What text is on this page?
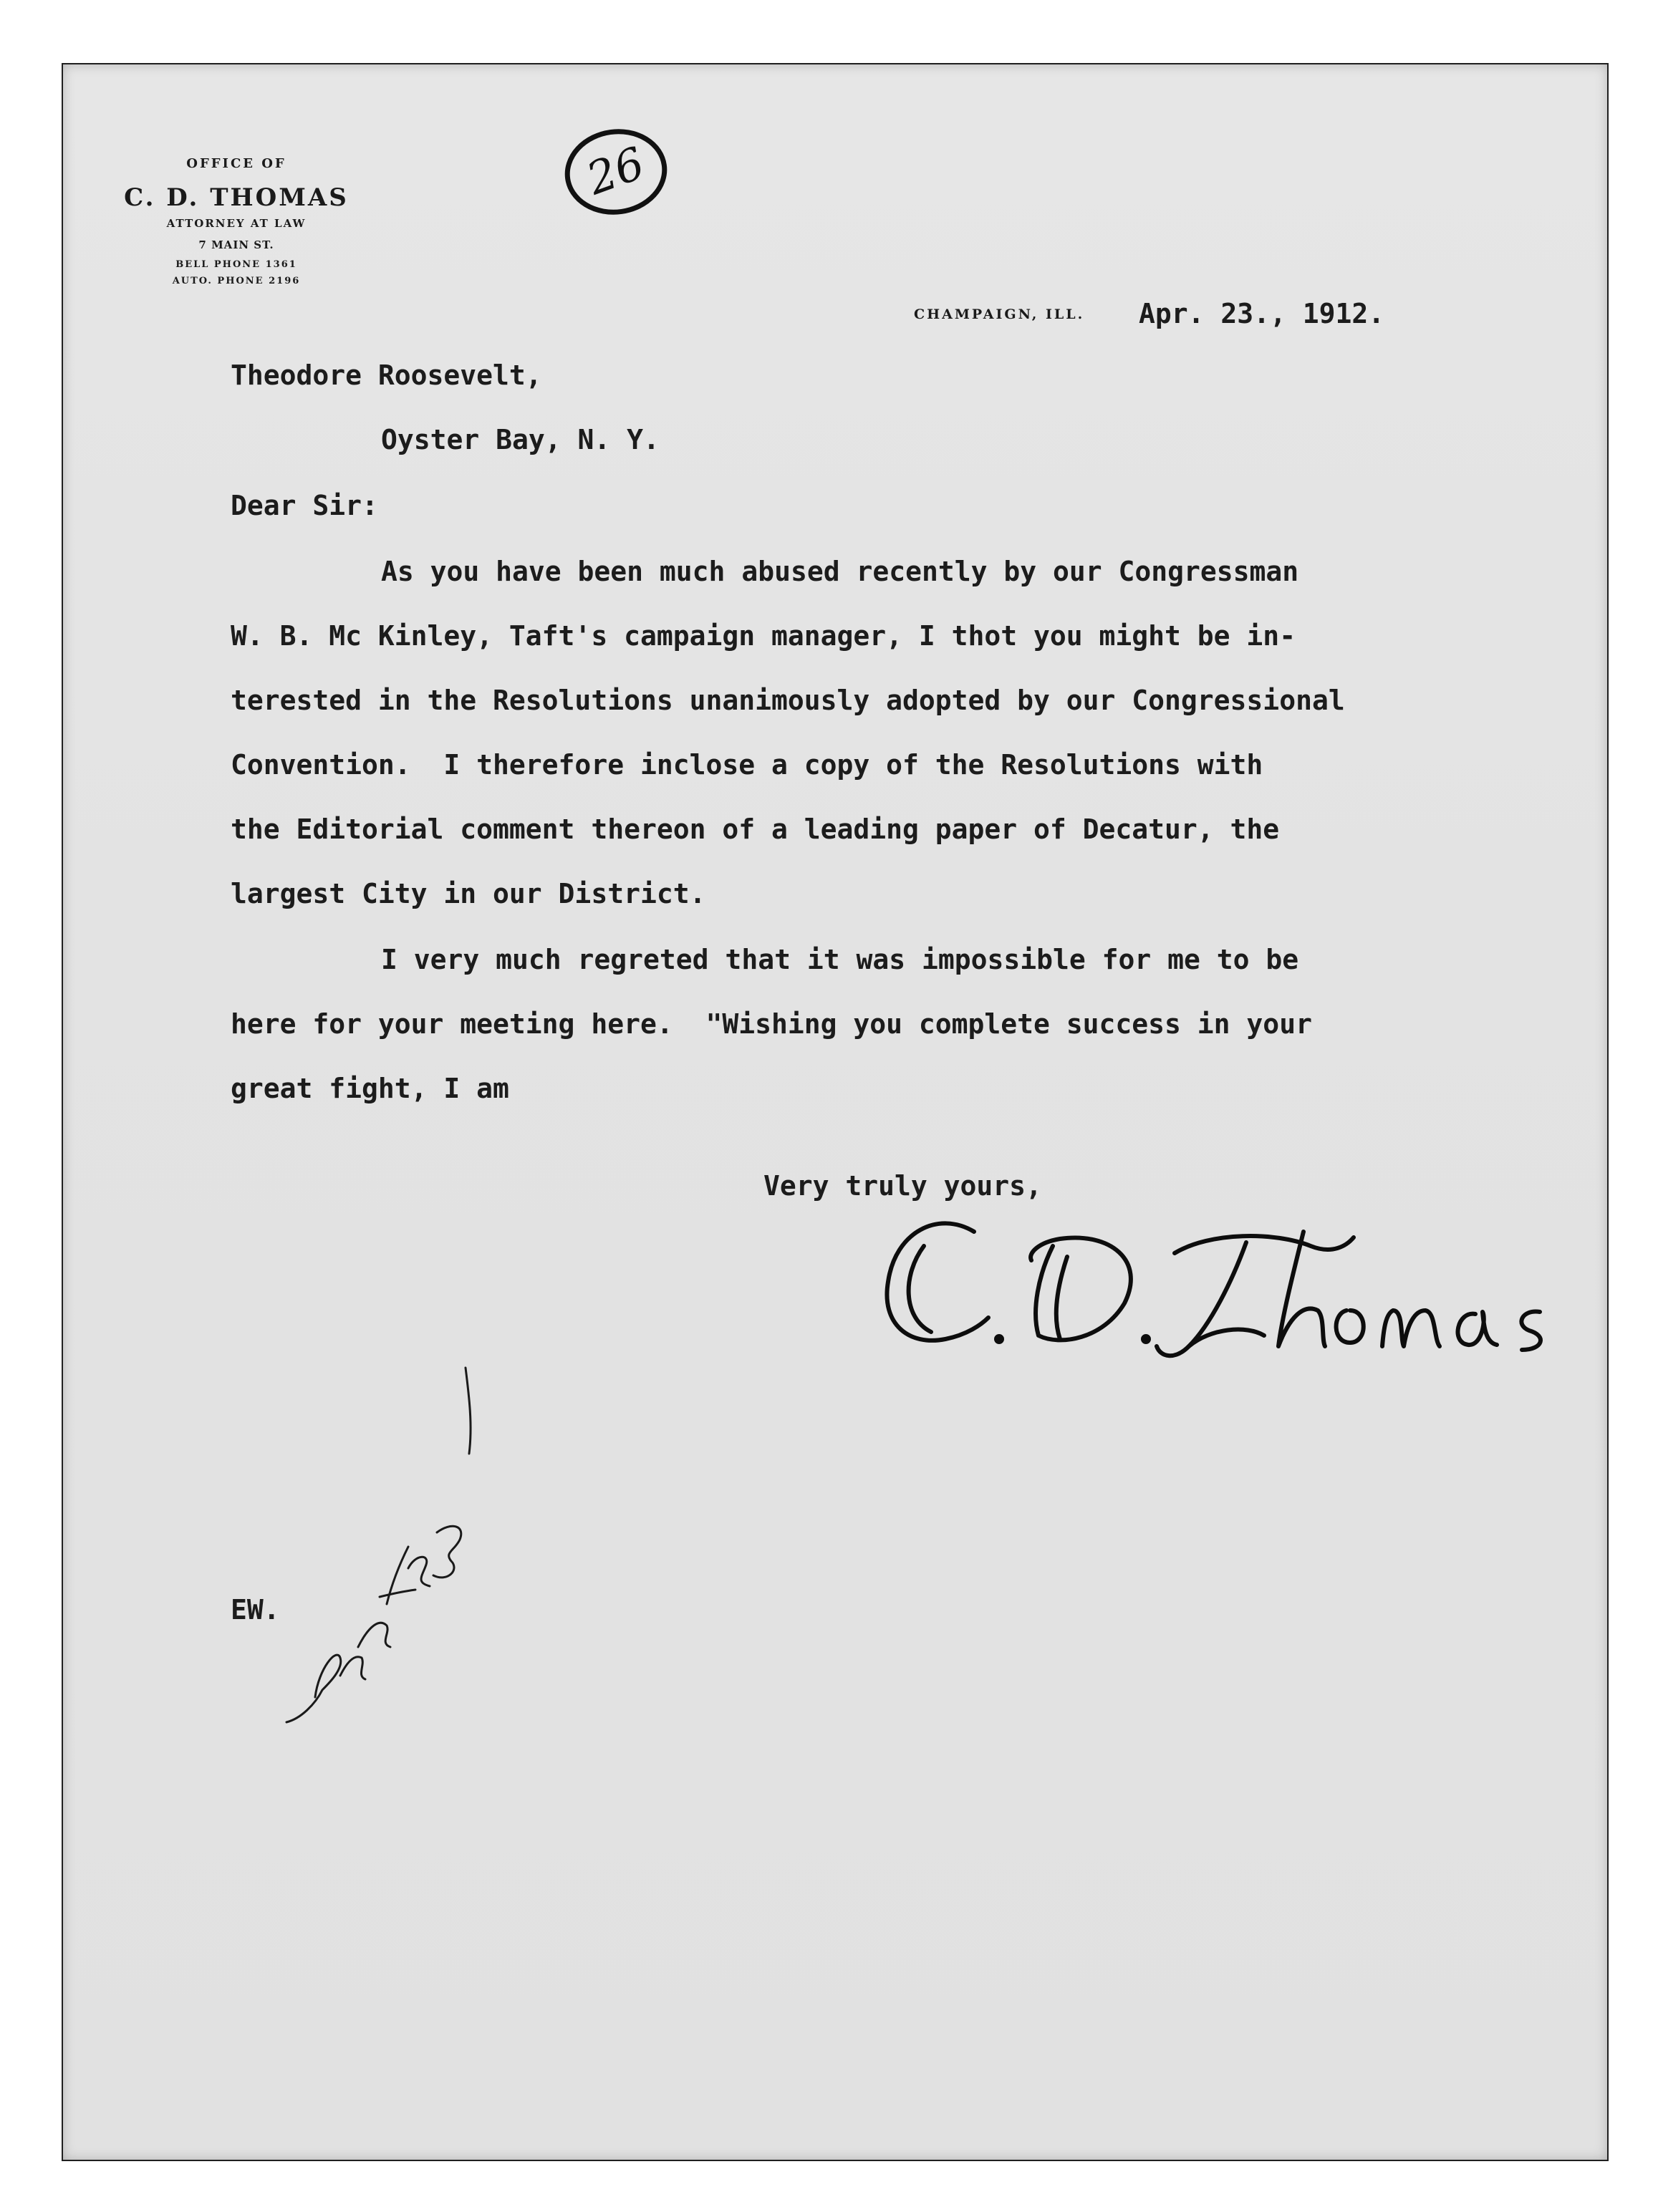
OFFICE OF
C. D. THOMAS
ATTORNEY AT LAW
7 MAIN ST.
BELL PHONE 1361
AUTO. PHONE 2196
26
CHAMPAIGN, ILL. Apr. 23., 1912.
Theodore Roosevelt,
Oyster Bay, N. Y.
Dear Sir:
As you have been much abused recently by our Congressman
W. B. Mc Kinley, Taft's campaign manager, I thot you might be in-
terested in the Resolutions unanimously adopted by our Congressional
Convention.  I therefore inclose a copy of the Resolutions with
the Editorial comment thereon of a leading paper of Decatur, the
largest City in our District.
I very much regreted that it was impossible for me to be
here for your meeting here.  "Wishing you complete success in your
great fight, I am
Very truly yours,
EW.
